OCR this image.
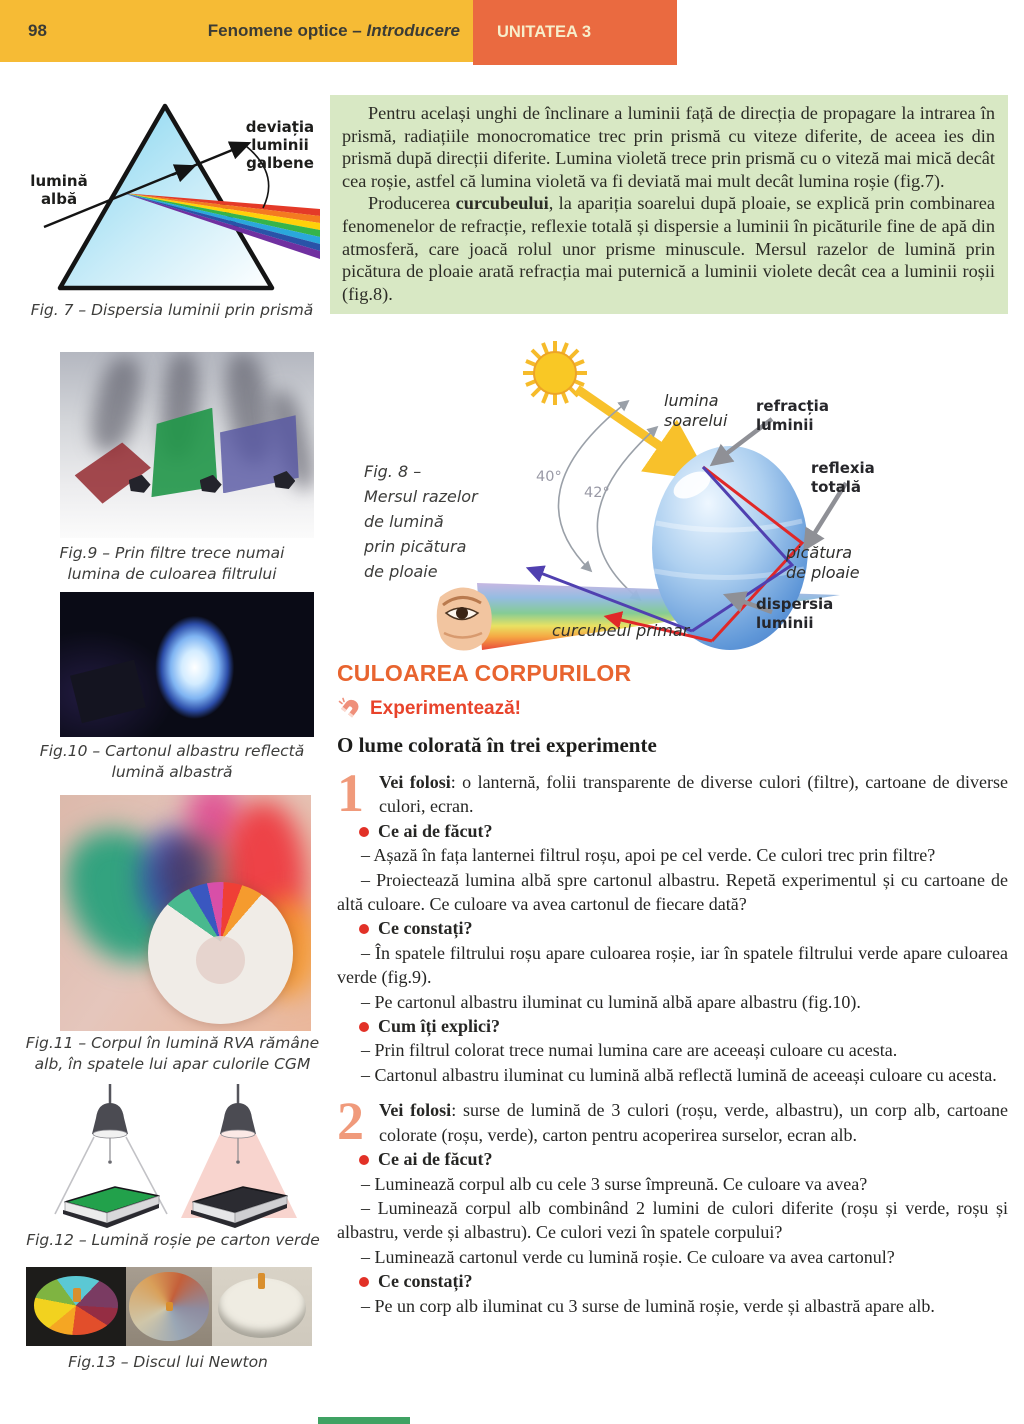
98	Fenomene optice – Introducere	UNITATEA 3
lumină albă
deviația luminii galbene
Fig. 7 – Dispersia luminii prin prismă

Pentru același unghi de înclinare a luminii față de direcția de propagare la intrarea în prismă, radiațiile monocromatice trec prin prismă cu viteze diferite, de aceea ies din prismă după direcții diferite. Lumina violetă trece prin prismă cu o viteză mai mică decât cea roșie, astfel că lumina violetă va fi deviată mai mult decât lumina roșie (fig.7).

Producerea curcubeului, la apariția soarelui după ploaie, se explică prin combinarea fenomenelor de refracție, reflexie totală și dispersie a luminii în picăturile fine de apă din atmosferă, care joacă rolul unor prisme minuscule. Mersul razelor de lumină prin picătura de ploaie arată refracția mai puternică a luminii violete decât cea a luminii roșii (fig.8).

Fig.9 – Prin filtre trece numai lumina de culoarea filtrului
Fig.10 – Cartonul albastru reflectă lumină albastră
Fig.11 – Corpul în lumină RVA rămâne alb, în spatele lui apar culorile CGM
Fig.12 – Lumină roșie pe carton verde
Fig.13 – Discul lui Newton
Fig. 8 – Mersul razelor de lumină prin picătura de ploaie
lumina soarelui
refracția luminii
reflexia totală
picătura de ploaie
dispersia luminii
curcubeul primar
40°
42°
CULOAREA CORPURILOR
Experimentează!
O lume colorată în trei experimente

1 Vei folosi: o lanternă, folii transparente de diverse culori (filtre), cartoane de diverse culori, ecran.

Ce ai de făcut?

– Așază în fața lanternei filtrul roșu, apoi pe cel verde. Ce culori trec prin filtre?

– Proiectează lumina albă spre cartonul albastru. Repetă experimentul și cu cartoane de altă culoare. Ce culoare va avea cartonul de fiecare dată?

Ce constați?

– În spatele filtrului roșu apare culoarea roșie, iar în spatele filtrului verde apare culoarea verde (fig.9).

– Pe cartonul albastru iluminat cu lumină albă apare albastru (fig.10).

Cum îți explici?

– Prin filtrul colorat trece numai lumina care are aceeași culoare cu acesta.

– Cartonul albastru iluminat cu lumină albă reflectă lumină de aceeași culoare cu acesta.

2 Vei folosi: surse de lumină de 3 culori (roșu, verde, albastru), un corp alb, cartoane colorate (roșu, verde), carton pentru acoperirea surselor, ecran alb.

Ce ai de făcut?

– Luminează corpul alb cu cele 3 surse împreună. Ce culoare va avea?

– Luminează corpul alb combinând 2 lumini de culori diferite (roșu și verde, roșu și albastru, verde și albastru). Ce culori vezi în spatele corpului?

– Luminează cartonul verde cu lumină roșie. Ce culoare va avea cartonul?

Ce constați?

– Pe un corp alb iluminat cu 3 surse de lumină roșie, verde și albastră apare alb.
